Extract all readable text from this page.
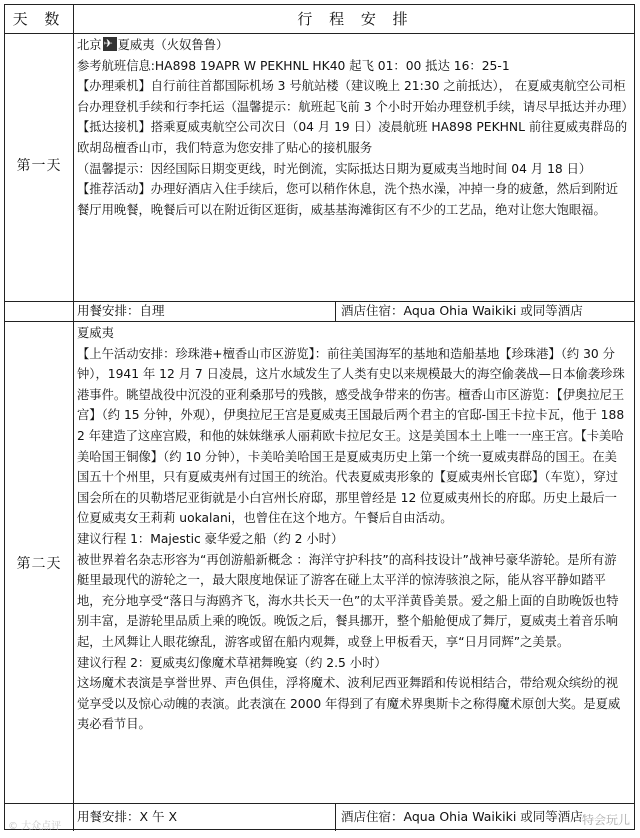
天 数	行 程 安 排
第一天

北京✈ 夏威夷（火奴鲁鲁）

参考航班信息:HA898 19APR W PEKHNL HK40 起飞 01：00 抵达 16：25-1

【办理乘机】自行前往首都国际机场 3 号航站楼（建议晚上 21:30 之前抵达）， 在夏威夷航空公司柜台办理登机手续和行李托运（温馨提示：航班起飞前 3 个小时开始办理登机手续，请尽早抵达并办理）

【抵达接机】搭乘夏威夷航空公司次日（04 月 19 日）凌晨航班 HA898 PEKHNL 前往夏威夷群岛的欧胡岛檀香山市，我们特意为您安排了贴心的接机服务

（温馨提示：因经国际日期变更线，时光倒流，实际抵达日期为夏威夷当地时间 04 月 18 日）

【推荐活动】办理好酒店入住手续后，您可以稍作休息，洗个热水澡，冲掉一身的疲惫，然后到附近餐厅用晚餐，晚餐后可以在附近街区逛街，威基基海滩街区有不少的工艺品，绝对让您大饱眼福。

用餐安排：自理	酒店住宿：Aqua Ohia Waikiki 或同等酒店
第二天

夏威夷

【上午活动安排：珍珠港+檀香山市区游览】：前往美国海军的基地和造船基地【珍珠港】（约 30 分钟），1941 年 12 月 7 日凌晨，这片水域发生了人类有史以来规模最大的海空偷袭战—日本偷袭珍珠港事件。眺望战役中沉没的亚利桑那号的残骸，感受战争带来的伤害。檀香山市区游览：【伊奥拉尼王宫】（约 15 分钟，外观），伊奥拉尼王宫是夏威夷王国最后两个君主的官邸-国王卡拉卡瓦，他于 1882 年建造了这座宫殿，和他的妹妹继承人丽莉欧卡拉尼女王。这是美国本土上唯一一座王宫。【卡美哈美哈国王铜像】（约 10 分钟），卡美哈美哈国王是夏威夷历史上第一个统一夏威夷群岛的国王。在美国五十个州里，只有夏威夷州有过国王的统治。代表夏威夷形象的【夏威夷州长官邸】（车览），穿过国会所在的贝勒塔尼亚街就是小白宫州长府邸，那里曾经是 12 位夏威夷州长的府邸。历史上最后一位夏威夷女王莉莉 uokalani，也曾住在这个地方。午餐后自由活动。

建议行程 1：Majestic 豪华爱之船（约 2 小时）

被世界着名杂志形容为“再创游船新概念 ：海洋守护科技”的高科技设计”战神号豪华游轮。是所有游艇里最现代的游轮之一，最大限度地保证了游客在碰上太平洋的惊涛骇浪之际，能从容平静如踏平地，充分地享受“落日与海鸥齐飞，海水共长天一色”的太平洋黄昏美景。爱之船上面的自助晚饭也特别丰富，是游轮里品质上乘的晚饭。晚饭之后，餐具挪开，整个船舱便成了舞厅，夏威夷土着音乐响起，土风舞让人眼花缭乱，游客或留在船内观舞，或登上甲板看天，享“日月同辉”之美景。

建议行程 2：夏威夷幻像魔术草裙舞晚宴（约 2.5 小时）

这场魔术表演是享誉世界、声色俱佳，浮将魔术、波利尼西亚舞蹈和传说相结合，带给观众缤纷的视觉享受以及惊心动魄的表演。此表演在 2000 年得到了有魔术界奥斯卡之称得魔术原创大奖。是夏威夷必看节目。

用餐安排：X 午 X	酒店住宿：Aqua Ohia Waikiki 或同等酒店
© 大众点评	·特会玩儿
